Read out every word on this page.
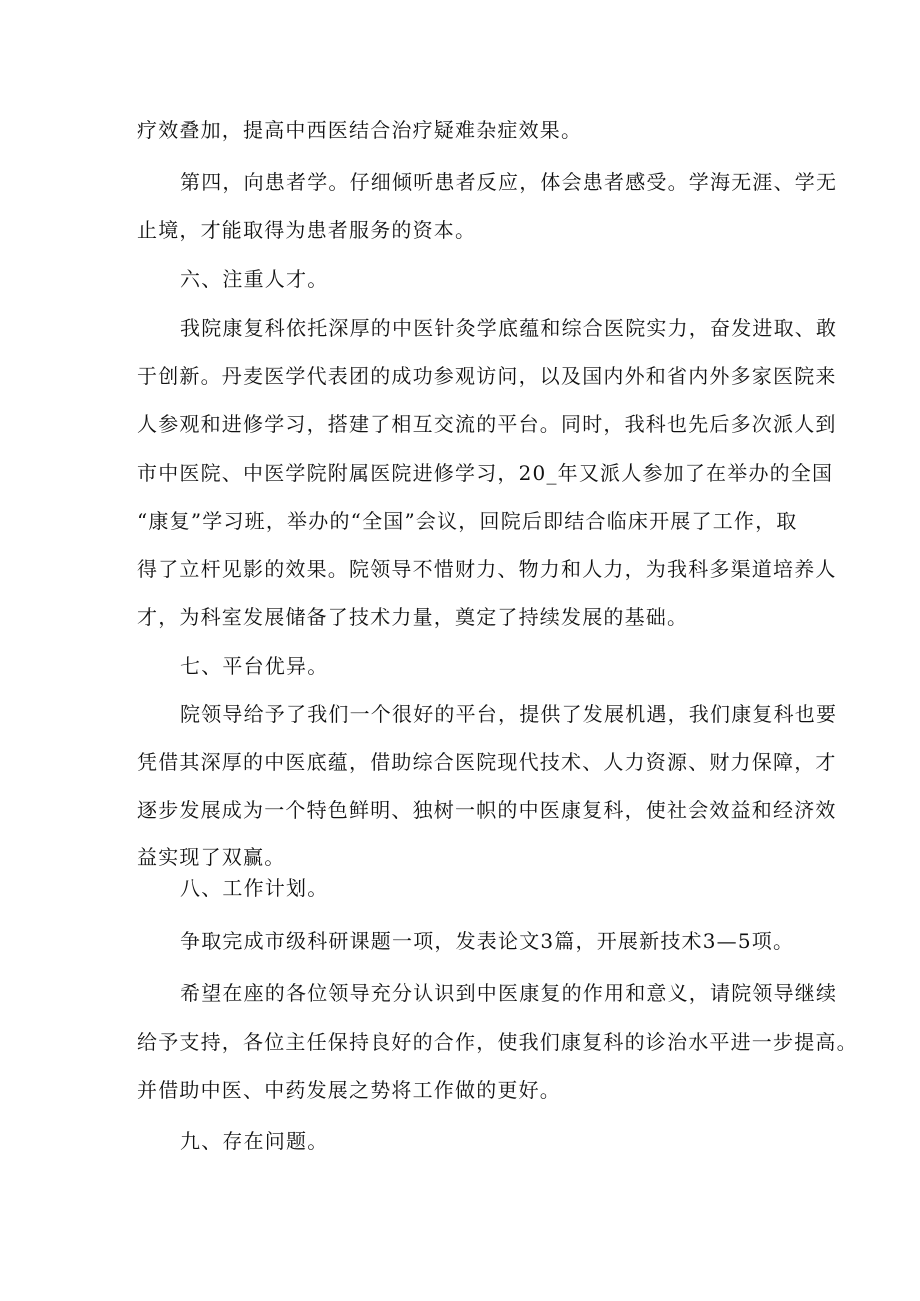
疗效叠加，提高中西医结合治疗疑难杂症效果。
第四，向患者学。仔细倾听患者反应，体会患者感受。学海无涯、学无
止境，才能取得为患者服务的资本。
六、注重人才。
我院康复科依托深厚的中医针灸学底蕴和综合医院实力，奋发进取、敢
于创新。丹麦医学代表团的成功参观访问，以及国内外和省内外多家医院来
人参观和进修学习，搭建了相互交流的平台。同时，我科也先后多次派人到
市中医院、中医学院附属医院进修学习，20_年又派人参加了在举办的全国
“康复”学习班，举办的“全国”会议，回院后即结合临床开展了工作，取
得了立杆见影的效果。院领导不惜财力、物力和人力，为我科多渠道培养人
才，为科室发展储备了技术力量，奠定了持续发展的基础。
七、平台优异。
院领导给予了我们一个很好的平台，提供了发展机遇，我们康复科也要
凭借其深厚的中医底蕴，借助综合医院现代技术、人力资源、财力保障，才
逐步发展成为一个特色鲜明、独树一帜的中医康复科，使社会效益和经济效
益实现了双赢。
八、工作计划。
争取完成市级科研课题一项，发表论文3篇，开展新技术3—5项。
希望在座的各位领导充分认识到中医康复的作用和意义，请院领导继续
给予支持，各位主任保持良好的合作，使我们康复科的诊治水平进一步提高。
并借助中医、中药发展之势将工作做的更好。
九、存在问题。
